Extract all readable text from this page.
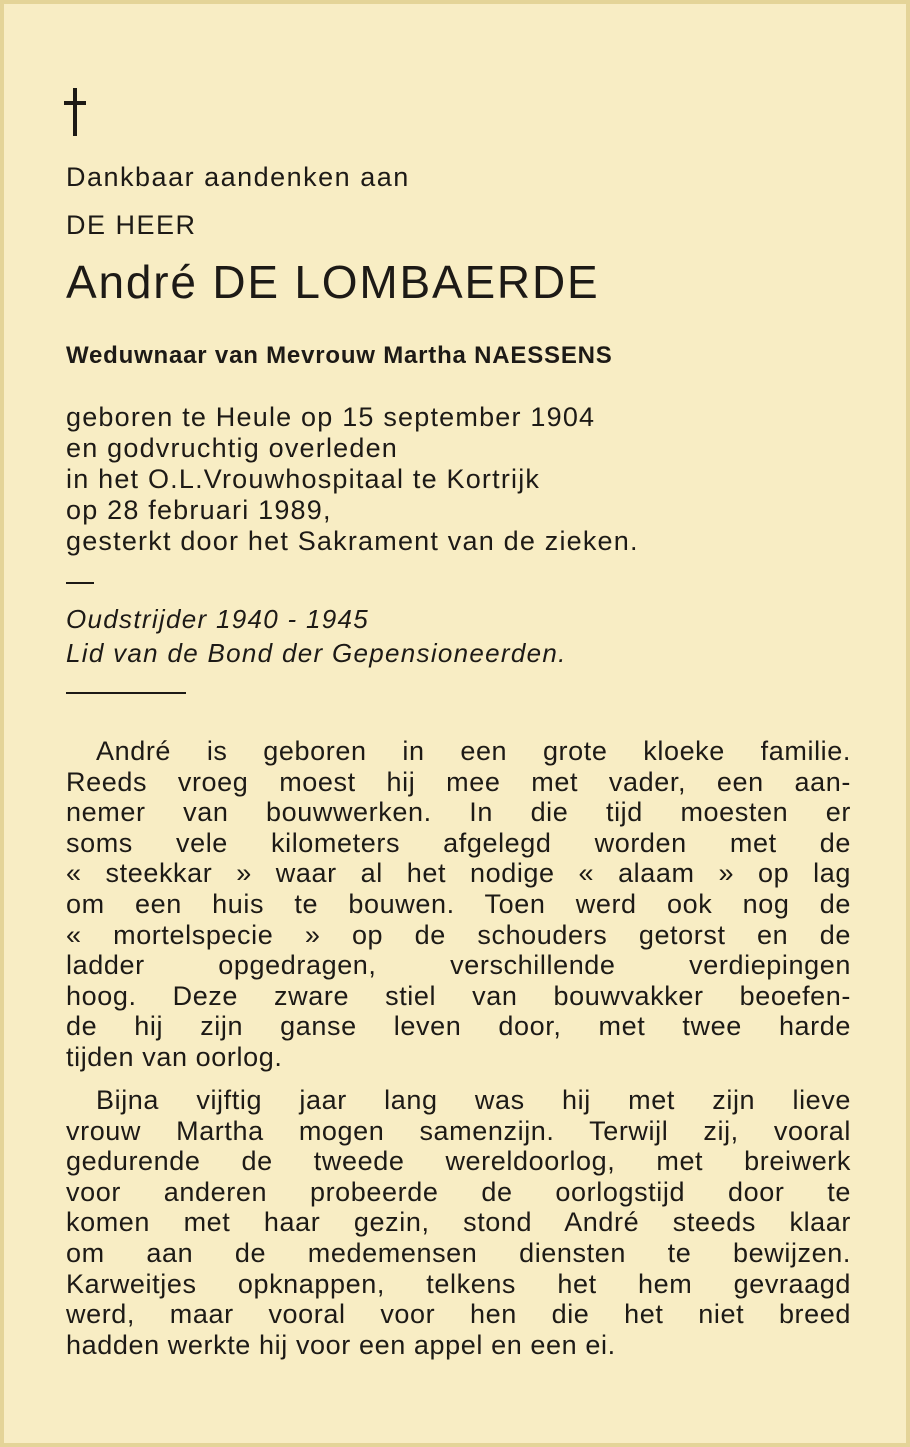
Dankbaar aandenken aan
DE HEER
André DE LOMBAERDE
Weduwnaar van Mevrouw Martha NAESSENS
geboren te Heule op 15 september 1904
en godvruchtig overleden
in het O.L.Vrouwhospitaal te Kortrijk
op 28 februari 1989,
gesterkt door het Sakrament van de zieken.
Oudstrijder 1940 - 1945
Lid van de Bond der Gepensioneerden.
André is geboren in een grote kloeke familie.
Reeds vroeg moest hij mee met vader, een aan-
nemer van bouwwerken. In die tijd moesten er
soms vele kilometers afgelegd worden met de
« steekkar » waar al het nodige « alaam » op lag
om een huis te bouwen. Toen werd ook nog de
« mortelspecie » op de schouders getorst en de
ladder opgedragen, verschillende verdiepingen
hoog. Deze zware stiel van bouwvakker beoefen-
de hij zijn ganse leven door, met twee harde
tijden van oorlog.
Bijna vijftig jaar lang was hij met zijn lieve
vrouw Martha mogen samenzijn. Terwijl zij, vooral
gedurende de tweede wereldoorlog, met breiwerk
voor anderen probeerde de oorlogstijd door te
komen met haar gezin, stond André steeds klaar
om aan de medemensen diensten te bewijzen.
Karweitjes opknappen, telkens het hem gevraagd
werd, maar vooral voor hen die het niet breed
hadden werkte hij voor een appel en een ei.
